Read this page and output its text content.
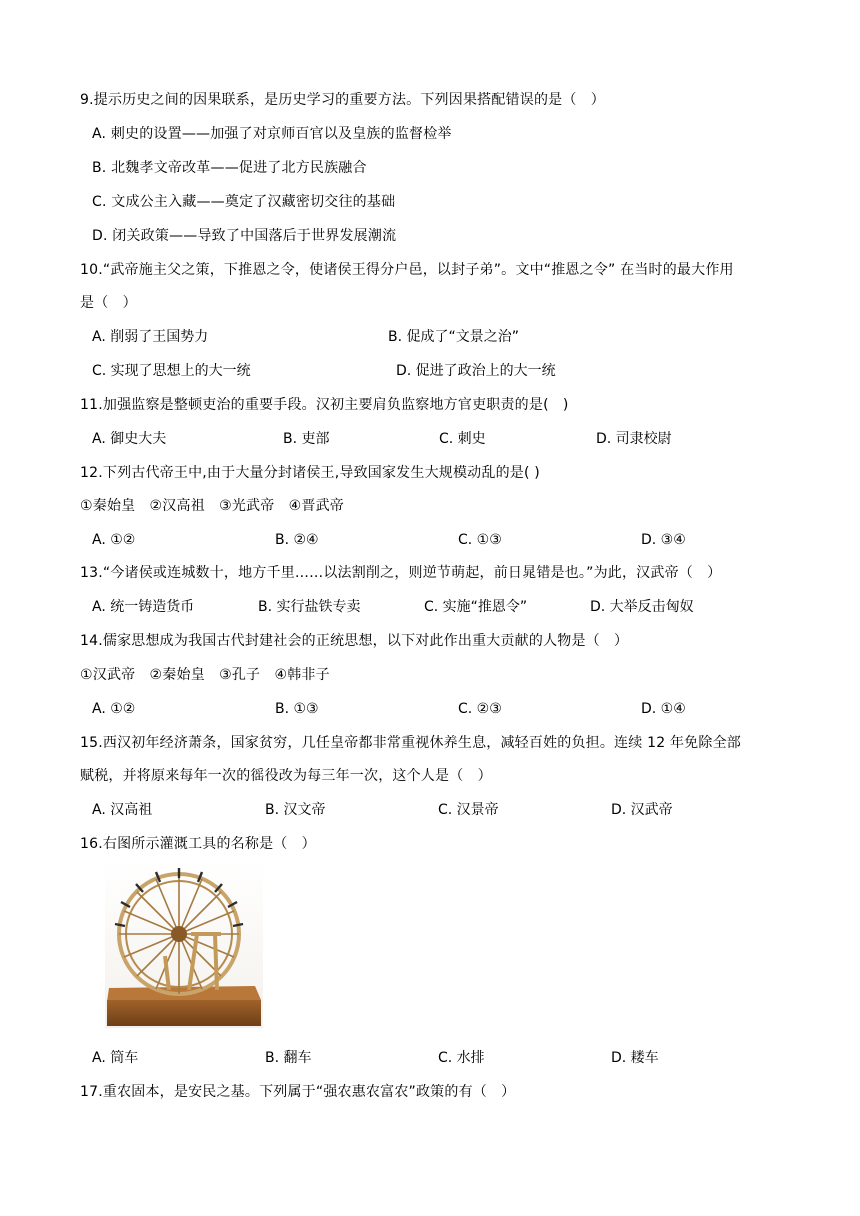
9.提示历史之间的因果联系，是历史学习的重要方法。下列因果搭配错误的是（　）
A. 刺史的设置——加强了对京师百官以及皇族的监督检举
B. 北魏孝文帝改革——促进了北方民族融合
C. 文成公主入藏——奠定了汉藏密切交往的基础
D. 闭关政策——导致了中国落后于世界发展潮流
10.“武帝施主父之策，下推恩之令，使诸侯王得分户邑，以封子弟”。文中“推恩之令” 在当时的最大作用
是（　）
A. 削弱了王国势力	B. 促成了“文景之治”
C. 实现了思想上的大一统	D. 促进了政治上的大一统
11.加强监察是整顿吏治的重要手段。汉初主要肩负监察地方官吏职责的是(　)
A. 御史大夫	B. 吏部	C. 刺史	D. 司隶校尉
12.下列古代帝王中,由于大量分封诸侯王,导致国家发生大规模动乱的是( )
①秦始皇　②汉高祖　③光武帝　④晋武帝
A. ①②	B. ②④	C. ①③	D. ③④
13.“今诸侯或连城数十，地方千里……以法割削之，则逆节萌起，前日晁错是也。”为此，汉武帝（　）
A. 统一铸造货币	B. 实行盐铁专卖	C. 实施“推恩令”	D. 大举反击匈奴
14.儒家思想成为我国古代封建社会的正统思想，以下对此作出重大贡献的人物是（　）
①汉武帝　②秦始皇　③孔子　④韩非子
A. ①②	B. ①③	C. ②③	D. ①④
15.西汉初年经济萧条，国家贫穷，几任皇帝都非常重视休养生息，减轻百姓的负担。连续 12 年免除全部
赋税，并将原来每年一次的徭役改为每三年一次，这个人是（　）
A. 汉高祖	B. 汉文帝	C. 汉景帝	D. 汉武帝
16.右图所示灌溉工具的名称是（　）
A. 筒车	B. 翻车	C. 水排	D. 耧车
17.重农固本，是安民之基。下列属于“强农惠农富农”政策的有（　）
